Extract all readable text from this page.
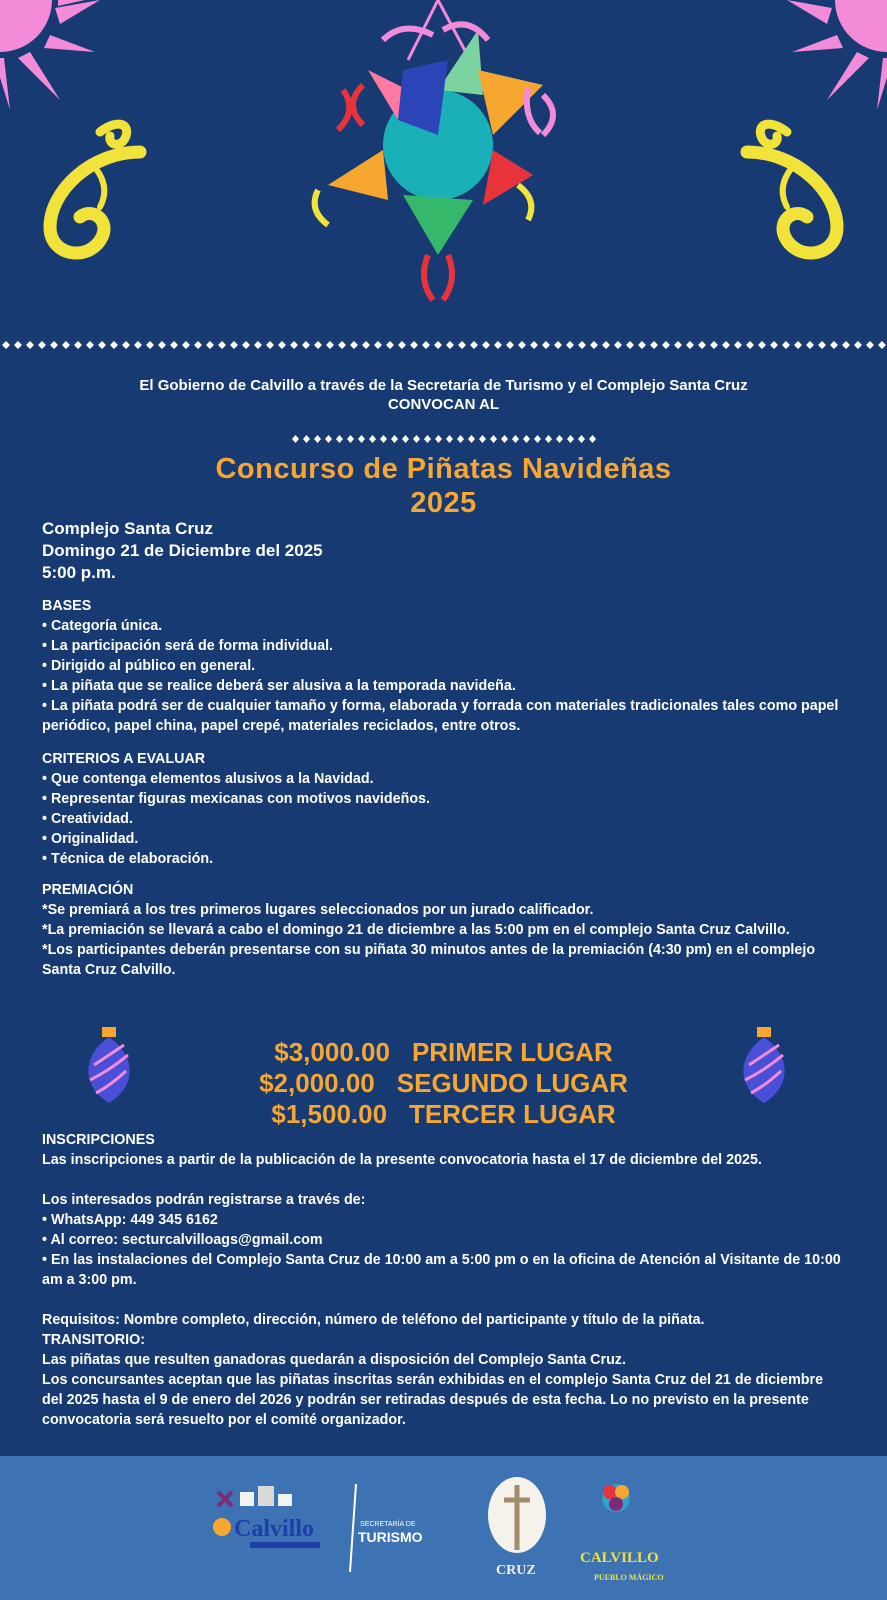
El Gobierno de Calvillo a través de la Secretaría de Turismo y el Complejo Santa Cruz
CONVOCAN AL
Concurso de Piñatas Navideñas
2025
Complejo Santa Cruz
Domingo 21 de Diciembre del 2025
5:00 p.m.
BASES
• Categoría única.
• La participación será de forma individual.
• Dirigido al público en general.
• La piñata que se realice deberá ser alusiva a la temporada navideña.
• La piñata podrá ser de cualquier tamaño y forma, elaborada y forrada con materiales tradicionales tales como papel periódico, papel china, papel crepé, materiales reciclados, entre otros.
CRITERIOS A EVALUAR
• Que contenga elementos alusivos a la Navidad.
• Representar figuras mexicanas con motivos navideños.
• Creatividad.
• Originalidad.
• Técnica de elaboración.
PREMIACIÓN
*Se premiará a los tres primeros lugares seleccionados por un jurado calificador.
*La premiación se llevará a cabo el domingo 21 de diciembre a las 5:00 pm en el complejo Santa Cruz Calvillo.
*Los participantes deberán presentarse con su piñata 30 minutos antes de la premiación (4:30 pm) en el complejo Santa Cruz Calvillo.
$3,000.00 PRIMER LUGAR
$2,000.00 SEGUNDO LUGAR
$1,500.00 TERCER LUGAR
INSCRIPCIONES
Las inscripciones a partir de la publicación de la presente convocatoria hasta el 17 de diciembre del 2025.
Los interesados podrán registrarse a través de:
• WhatsApp: 449 345 6162
• Al correo: secturcalvilloags@gmail.com
• En las instalaciones del Complejo Santa Cruz de 10:00 am a 5:00 pm o en la oficina de Atención al Visitante de 10:00 am a 3:00 pm.
Requisitos: Nombre completo, dirección, número de teléfono del participante y título de la piñata.
TRANSITORIO:
Las piñatas que resulten ganadoras quedarán a disposición del Complejo Santa Cruz.
Los concursantes aceptan que las piñatas inscritas serán exhibidas en el complejo Santa Cruz del 21 de diciembre del 2025 hasta el 9 de enero del 2026 y podrán ser retiradas después de esta fecha. Lo no previsto en la presente convocatoria será resuelto por el comité organizador.
Calvillo	SECRETARÍA DE
TURISMO
CRUZ
CALVILLO
PUEBLO MÁGICO
